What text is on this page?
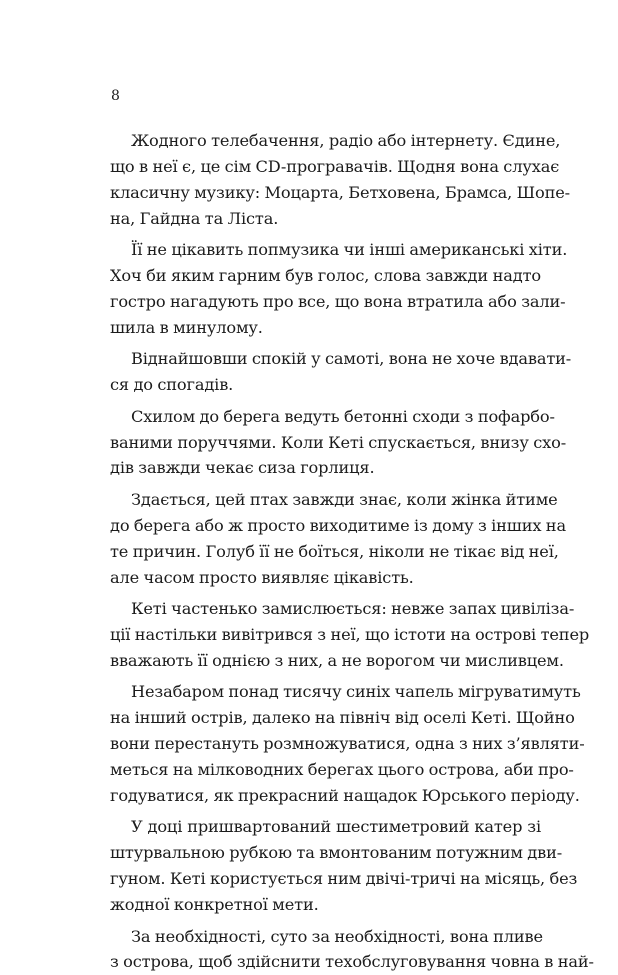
8

Жодного телебачення, радіо або інтернету. Єдине,
що в неї є, це сім CD-програвачів. Щодня вона слухає
класичну музику: Моцарта, Бетховена, Брамса, Шопе-
на, Гайдна та Ліста.
Її не цікавить попмузика чи інші американські хіти.
Хоч би яким гарним був голос, слова завжди надто
гостро нагадують про все, що вона втратила або зали-
шила в минулому.
Віднайшовши спокій у самоті, вона не хоче вдавати-
ся до спогадів.
Схилом до берега ведуть бетонні сходи з пофарбо-
ваними поруччями. Коли Кеті спускається, внизу схо-
дів завжди чекає сиза горлиця.
Здається, цей птах завжди знає, коли жінка йтиме
до берега або ж просто виходитиме із дому з інших на
те причин. Голуб її не боїться, ніколи не тікає від неї,
але часом просто виявляє цікавість.
Кеті частенько замислюється: невже запах цивіліза-
ції настільки вивітрився з неї, що істоти на острові тепер
вважають її однією з них, а не ворогом чи мисливцем.
Незабаром понад тисячу синіх чапель мігруватимуть
на інший острів, далеко на північ від оселі Кеті. Щойно
вони перестануть розмножуватися, одна з них з’являти-
меться на мілководних берегах цього острова, аби про-
годуватися, як прекрасний нащадок Юрського періоду.
У доці пришвартований шестиметровий катер зі
штурвальною рубкою та вмонтованим потужним дви-
гуном. Кеті користується ним двічі-тричі на місяць, без
жодної конкретної мети.
За необхідності, суто за необхідності, вона пливе
з острова, щоб здійснити техобслуговування човна в най-
